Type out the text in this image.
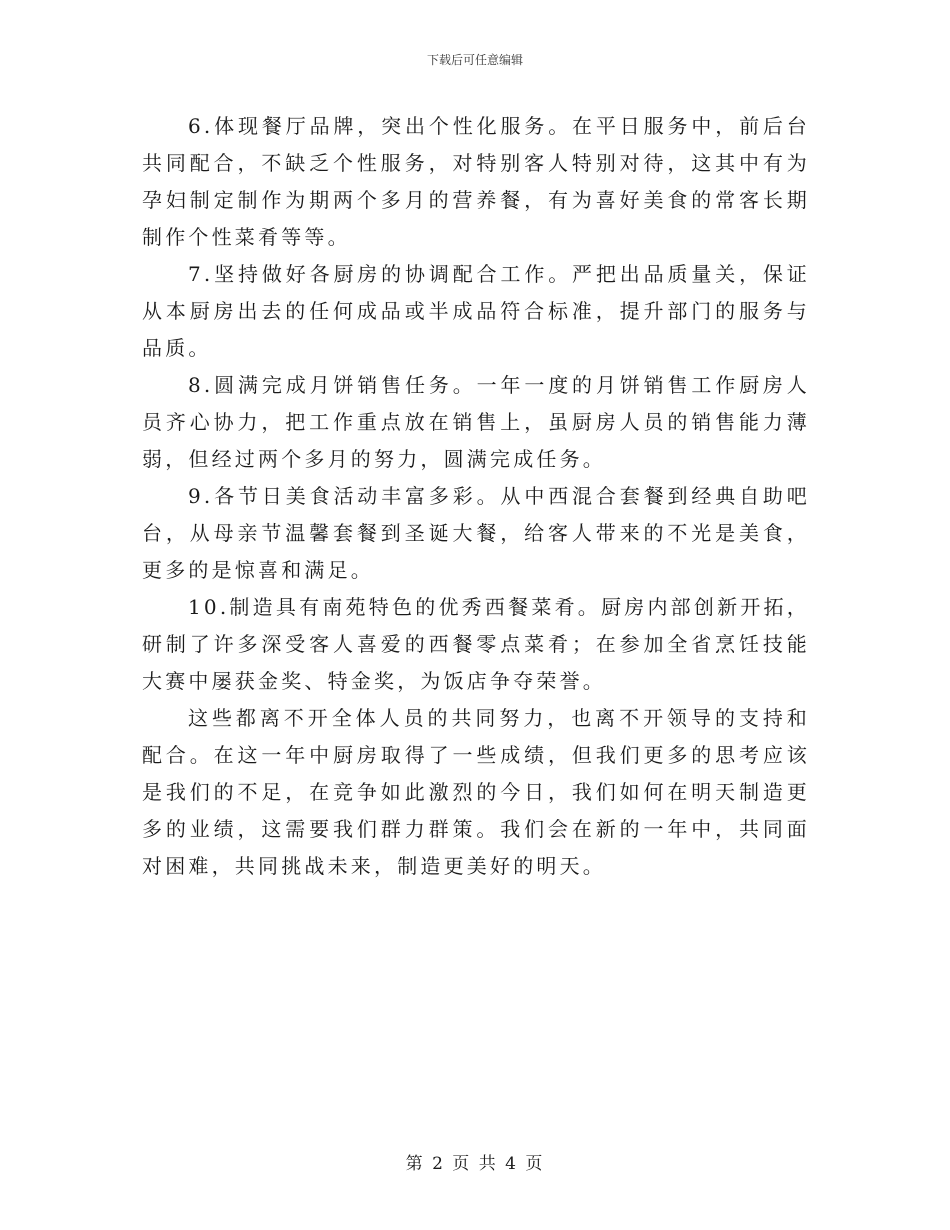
下载后可任意编辑

6.体现餐厅品牌，突出个性化服务。在平日服务中，前后台共同配合，不缺乏个性服务，对特别客人特别对待，这其中有为孕妇制定制作为期两个多月的营养餐，有为喜好美食的常客长期制作个性菜肴等等。

7.坚持做好各厨房的协调配合工作。严把出品质量关，保证从本厨房出去的任何成品或半成品符合标准，提升部门的服务与品质。

8.圆满完成月饼销售任务。一年一度的月饼销售工作厨房人员齐心协力，把工作重点放在销售上，虽厨房人员的销售能力薄弱，但经过两个多月的努力，圆满完成任务。

9.各节日美食活动丰富多彩。从中西混合套餐到经典自助吧台，从母亲节温馨套餐到圣诞大餐，给客人带来的不光是美食，更多的是惊喜和满足。

10.制造具有南苑特色的优秀西餐菜肴。厨房内部创新开拓，研制了许多深受客人喜爱的西餐零点菜肴；在参加全省烹饪技能大赛中屡获金奖、特金奖，为饭店争夺荣誉。

这些都离不开全体人员的共同努力，也离不开领导的支持和配合。在这一年中厨房取得了一些成绩，但我们更多的思考应该是我们的不足，在竞争如此激烈的今日，我们如何在明天制造更多的业绩，这需要我们群力群策。我们会在新的一年中，共同面对困难，共同挑战未来，制造更美好的明天。

第 2 页 共 4 页
